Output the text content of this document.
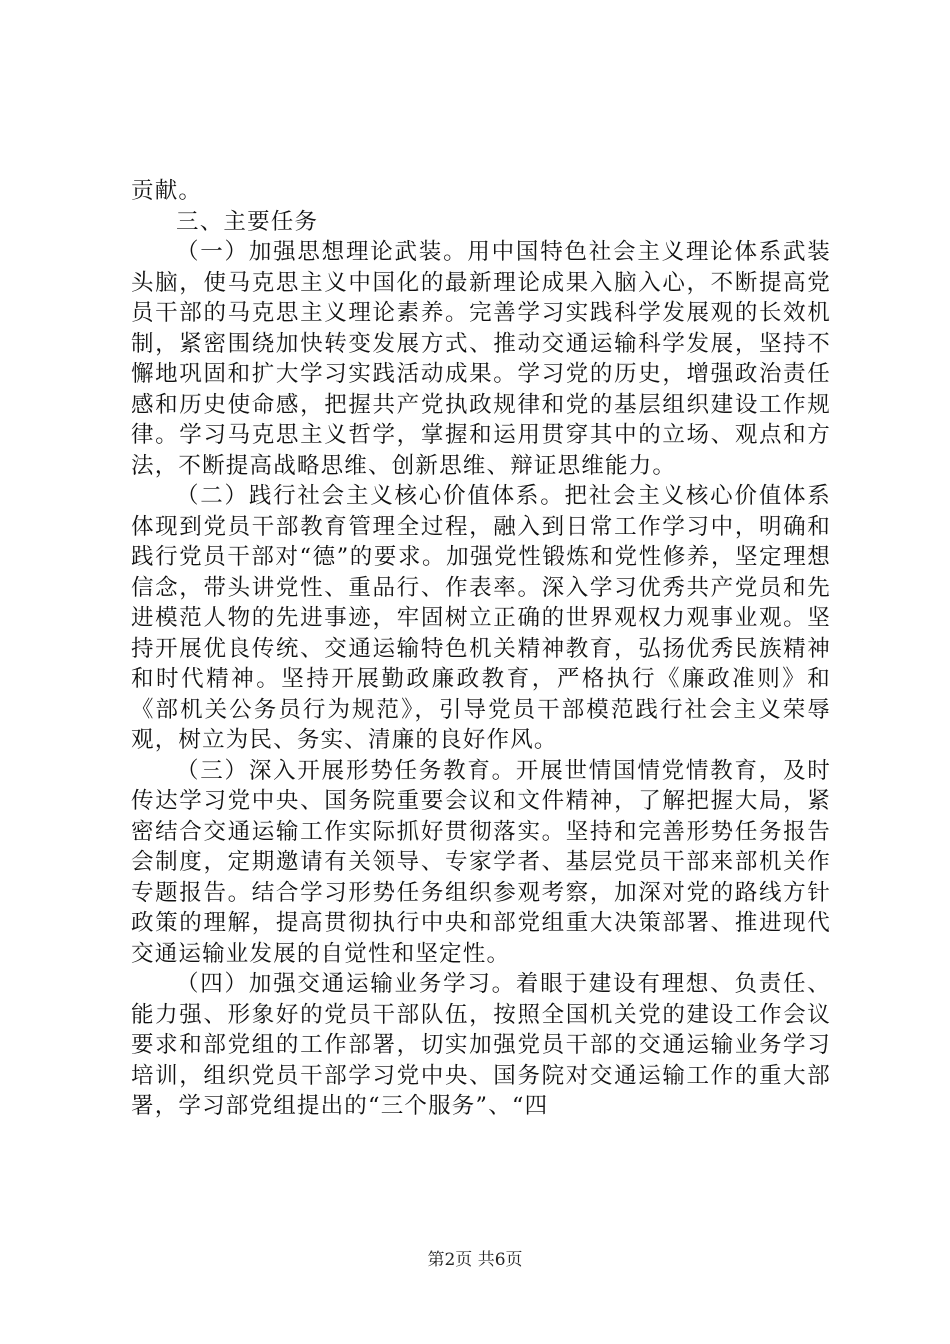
贡献。

三、主要任务

（一）加强思想理论武装。用中国特色社会主义理论体系武装头脑，使马克思主义中国化的最新理论成果入脑入心，不断提高党员干部的马克思主义理论素养。完善学习实践科学发展观的长效机制，紧密围绕加快转变发展方式、推动交通运输科学发展，坚持不懈地巩固和扩大学习实践活动成果。学习党的历史，增强政治责任感和历史使命感，把握共产党执政规律和党的基层组织建设工作规律。学习马克思主义哲学，掌握和运用贯穿其中的立场、观点和方法，不断提高战略思维、创新思维、辩证思维能力。

（二）践行社会主义核心价值体系。把社会主义核心价值体系体现到党员干部教育管理全过程，融入到日常工作学习中，明确和践行党员干部对“德”的要求。加强党性锻炼和党性修养，坚定理想信念，带头讲党性、重品行、作表率。深入学习优秀共产党员和先进模范人物的先进事迹，牢固树立正确的世界观权力观事业观。坚持开展优良传统、交通运输特色机关精神教育，弘扬优秀民族精神和时代精神。坚持开展勤政廉政教育，严格执行《廉政准则》和《部机关公务员行为规范》，引导党员干部模范践行社会主义荣辱观，树立为民、务实、清廉的良好作风。

（三）深入开展形势任务教育。开展世情国情党情教育，及时传达学习党中央、国务院重要会议和文件精神，了解把握大局，紧密结合交通运输工作实际抓好贯彻落实。坚持和完善形势任务报告会制度，定期邀请有关领导、专家学者、基层党员干部来部机关作专题报告。结合学习形势任务组织参观考察，加深对党的路线方针政策的理解，提高贯彻执行中央和部党组重大决策部署、推进现代交通运输业发展的自觉性和坚定性。

（四）加强交通运输业务学习。着眼于建设有理想、负责任、能力强、形象好的党员干部队伍，按照全国机关党的建设工作会议要求和部党组的工作部署，切实加强党员干部的交通运输业务学习培训，组织党员干部学习党中央、国务院对交通运输工作的重大部署，学习部党组提出的“三个服务”、“四

第2页 共6页
